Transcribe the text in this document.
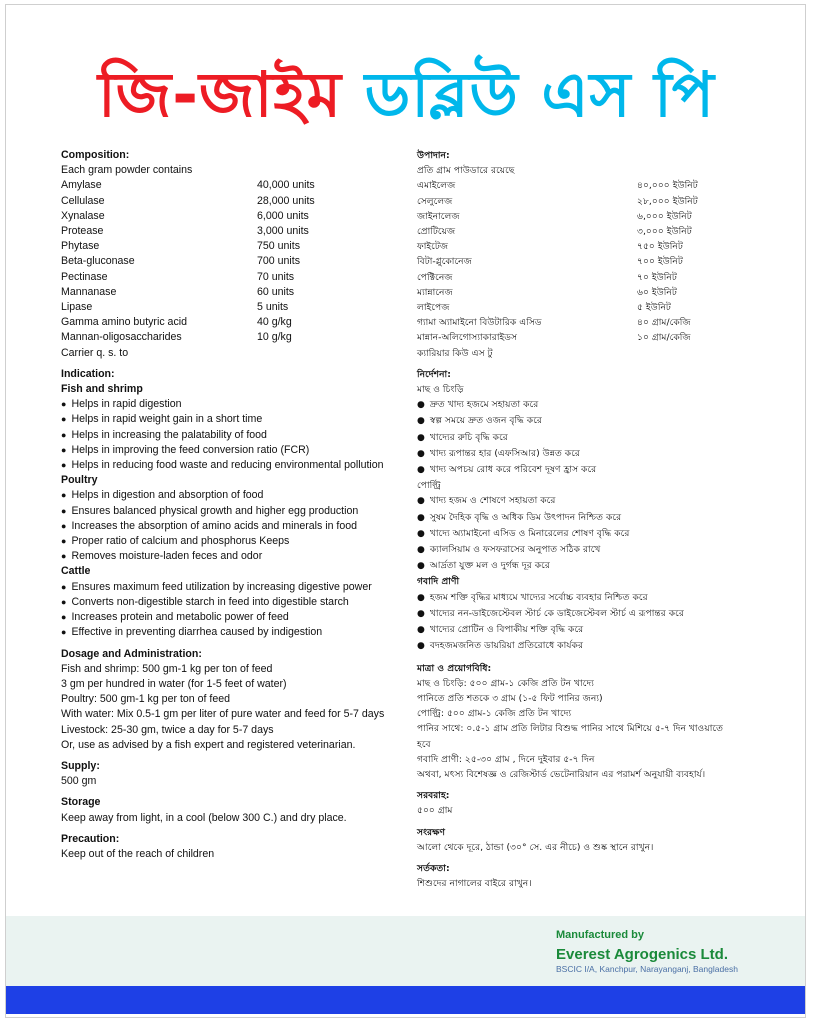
জি-জাইম ডব্লিউ এস পি
Composition:
Each gram powder contains
Amylase	40,000 units
Cellulase	28,000 units
Xynalase	6,000 units
Protease	3,000 units
Phytase	750 units
Beta-gluconase	700 units
Pectinase	70 units
Mannanase	60 units
Lipase	5 units
Gamma amino butyric acid	40 g/kg
Mannan-oligosaccharides	10 g/kg
Carrier q. s. to
Indication:
Fish and shrimp
● Helps in rapid digestion
● Helps in rapid weight gain in a short time
● Helps in increasing the palatability of food
● Helps in improving the feed conversion ratio (FCR)
● Helps in reducing food waste and reducing environmental pollution
Poultry
● Helps in digestion and absorption of food
● Ensures balanced physical growth and higher egg production
● Increases the absorption of amino acids and minerals in food
● Proper ratio of calcium and phosphorus Keeps
● Removes moisture-laden feces and odor
Cattle
● Ensures maximum feed utilization by increasing digestive power
● Converts non-digestible starch in feed into digestible starch
● Increases protein and metabolic power of feed
● Effective in preventing diarrhea caused by indigestion
Dosage and Administration:
Fish and shrimp: 500 gm-1 kg per ton of feed
3 gm per hundred in water (for 1-5 feet of water)
Poultry: 500 gm-1 kg per ton of feed
With water: Mix 0.5-1 gm per liter of pure water and feed for 5-7 days
Livestock: 25-30 gm, twice a day for 5-7 days
Or, use as advised by a fish expert and registered veterinarian.
Supply:
500 gm
Storage
Keep away from light, in a cool (below 300 C.) and dry place.
Precaution:
Keep out of the reach of children
উপাদান:
প্রতি গ্রাম পাউডারে রয়েছে
এমাইলেজ	৪০,০০০ ইউনিট
সেলুলেজ	২৮,০০০ ইউনিট
জাইনালেজ	৬,০০০ ইউনিট
প্রোটিয়েজ	৩,০০০ ইউনিট
ফাইটেজ	৭৫০ ইউনিট
বিটা-গ্লুকোনেজ	৭০০ ইউনিট
পেক্টিনেজ	৭০ ইউনিট
ম্যান্নানেজ	৬০ ইউনিট
লাইপেজ	৫ ইউনিট
গ্যামা অ্যামাইনো বিউটারিক এসিড	৪০ গ্রাম/কেজি
মান্নান-অলিগোস্যাকারাইডস	১০ গ্রাম/কেজি
ক্যারিয়ার কিউ এস টু
নির্দেশনা:
মাছ ও চিংড়ি
● দ্রুত খাদ্য হজমে সহায়তা করে
● স্বল্প সময়ে দ্রুত ওজন বৃদ্ধি করে
● খাদ্যের রুচি বৃদ্ধি করে
● খাদ্য রূপান্তর হার (এফসিআর) উন্নত করে
● খাদ্য অপচয় রোধ করে পরিবেশ দূষণ হ্রাস করে
পোল্ট্রি
● খাদ্য হজম ও শোষণে সহায়তা করে
● সুষম দৈহিক বৃদ্ধি ও অধিক ডিম উৎপাদন নিশ্চিত করে
● খাদ্যে অ্যামাইনো এসিড ও মিনারেলের শোষণ বৃদ্ধি করে
● ক্যালসিয়াম ও ফসফরাসের অনুপাত সঠিক রাখে
● আর্দ্রতা যুক্ত মল ও দুর্গন্ধ দূর করে
গবাদি প্রাণী
● হজম শক্তি বৃদ্ধির মাধ্যমে খাদ্যের সর্বোচ্চ ব্যবহার নিশ্চিত করে
● খাদ্যের নন-ডাইজেস্টেবল স্টার্চ কে ডাইজেস্টেবল স্টার্চ এ রূপান্তর করে
● খাদ্যের প্রোটিন ও বিপাকীয় শক্তি বৃদ্ধি করে
● বদহজমজনিত ডায়রিয়া প্রতিরোধে কার্যকর
মাত্রা ও প্রয়োগবিধি:
মাছ ও চিংড়ি: ৫০০ গ্রাম-১ কেজি প্রতি টন খাদ্যে
পানিতে প্রতি শতকে ৩ গ্রাম (১-৫ ফিট পানির জন্য)
পোল্ট্রি: ৫০০ গ্রাম-১ কেজি প্রতি টন খাদ্যে
পানির সাথে: ০.৫-১ গ্রাম প্রতি লিটার বিশুদ্ধ পানির সাথে মিশিয়ে ৫-৭ দিন খাওয়াতে
হবে
গবাদি প্রাণী: ২৫-৩০ গ্রাম , দিনে দুইবার ৫-৭ দিন
অথবা, মৎস্য বিশেষজ্ঞ ও রেজিস্টার্ড ভেটেনারিয়ান এর পরামর্শ অনুযায়ী ব্যবহার্য।
সরবরাহ:
৫০০ গ্রাম
সংরক্ষণ
আলো থেকে দূরে, ঠান্ডা (৩০° সে. এর নীচে) ও শুষ্ক স্থানে রাখুন।
সর্তকতা:
শিশুদের নাগালের বাইরে রাখুন।
Manufactured by
Everest Agrogenics Ltd.
BSCIC I/A, Kanchpur, Narayanganj, Bangladesh
